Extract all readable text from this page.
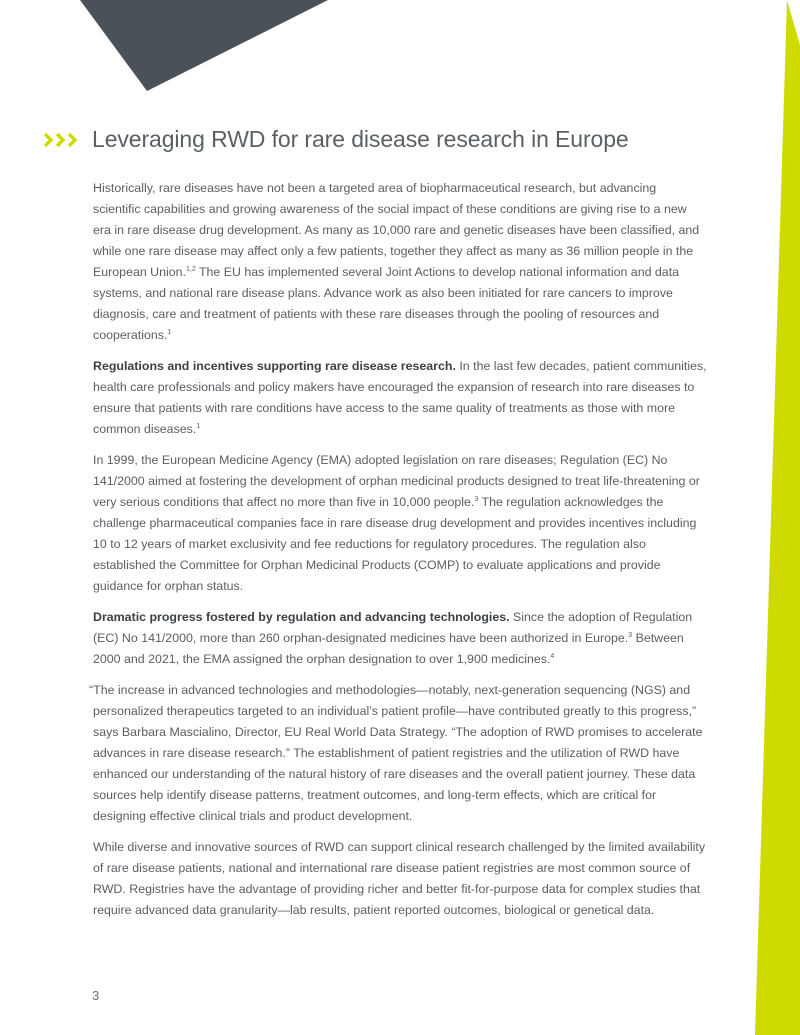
Leveraging RWD for rare disease research in Europe

Historically, rare diseases have not been a targeted area of biopharmaceutical research, but advancing scientific capabilities and growing awareness of the social impact of these conditions are giving rise to a new era in rare disease drug development. As many as 10,000 rare and genetic diseases have been classified, and while one rare disease may affect only a few patients, together they affect as many as 36 million people in the European Union.$^{1,2}$ The EU has implemented several Joint Actions to develop national information and data systems, and national rare disease plans. Advance work as also been initiated for rare cancers to improve diagnosis, care and treatment of patients with these rare diseases through the pooling of resources and cooperations.$^1$

Regulations and incentives supporting rare disease research. In the last few decades, patient communities, health care professionals and policy makers have encouraged the expansion of research into rare diseases to ensure that patients with rare conditions have access to the same quality of treatments as those with more common diseases.$^1$

In 1999, the European Medicine Agency (EMA) adopted legislation on rare diseases; Regulation (EC) No 141/2000 aimed at fostering the development of orphan medicinal products designed to treat life-threatening or very serious conditions that affect no more than five in 10,000 people.$^3$ The regulation acknowledges the challenge pharmaceutical companies face in rare disease drug development and provides incentives including 10 to 12 years of market exclusivity and fee reductions for regulatory procedures. The regulation also established the Committee for Orphan Medicinal Products (COMP) to evaluate applications and provide guidance for orphan status.

Dramatic progress fostered by regulation and advancing technologies. Since the adoption of Regulation (EC) No 141/2000, more than 260 orphan-designated medicines have been authorized in Europe.$^3$ Between 2000 and 2021, the EMA assigned the orphan designation to over 1,900 medicines.$^4$

“The increase in advanced technologies and methodologies—notably, next-generation sequencing (NGS) and personalized therapeutics targeted to an individual’s patient profile—have contributed greatly to this progress,” says Barbara Mascialino, Director, EU Real World Data Strategy. “The adoption of RWD promises to accelerate advances in rare disease research.” The establishment of patient registries and the utilization of RWD have enhanced our understanding of the natural history of rare diseases and the overall patient journey. These data sources help identify disease patterns, treatment outcomes, and long-term effects, which are critical for designing effective clinical trials and product development.

While diverse and innovative sources of RWD can support clinical research challenged by the limited availability of rare disease patients, national and international rare disease patient registries are most common source of RWD. Registries have the advantage of providing richer and better fit-for-purpose data for complex studies that require advanced data granularity—lab results, patient reported outcomes, biological or genetical data.

3
